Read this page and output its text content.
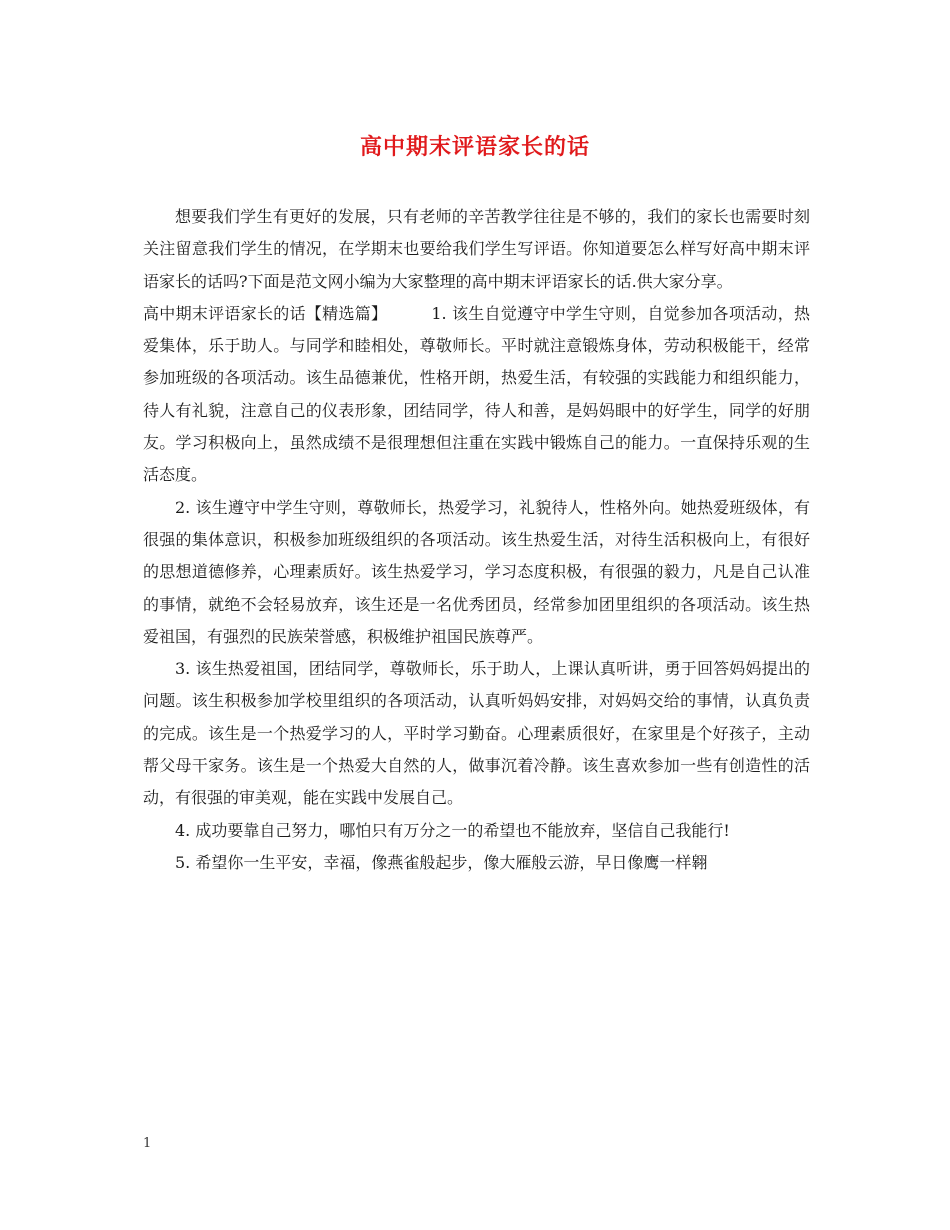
高中期末评语家长的话

想要我们学生有更好的发展，只有老师的辛苦教学往往是不够的，我们的家长也需要时刻关注留意我们学生的情况，在学期末也要给我们学生写评语。你知道要怎么样写好高中期末评语家长的话吗?下面是范文网小编为大家整理的高中期末评语家长的话.供大家分享。

高中期末评语家长的话【精选篇】	1. 该生自觉遵守中学生守则，自觉参加各项活动，热爱集体，乐于助人。与同学和睦相处，尊敬师长。平时就注意锻炼身体，劳动积极能干，经常参加班级的各项活动。该生品德兼优，性格开朗，热爱生活，有较强的实践能力和组织能力，待人有礼貌，注意自己的仪表形象，团结同学，待人和善，是妈妈眼中的好学生，同学的好朋友。学习积极向上，虽然成绩不是很理想但注重在实践中锻炼自己的能力。一直保持乐观的生活态度。

2. 该生遵守中学生守则，尊敬师长，热爱学习，礼貌待人，性格外向。她热爱班级体，有很强的集体意识，积极参加班级组织的各项活动。该生热爱生活，对待生活积极向上，有很好的思想道德修养，心理素质好。该生热爱学习，学习态度积极，有很强的毅力，凡是自己认准的事情，就绝不会轻易放弃，该生还是一名优秀团员，经常参加团里组织的各项活动。该生热爱祖国，有强烈的民族荣誉感，积极维护祖国民族尊严。

3. 该生热爱祖国，团结同学，尊敬师长，乐于助人，上课认真听讲，勇于回答妈妈提出的问题。该生积极参加学校里组织的各项活动，认真听妈妈安排，对妈妈交给的事情，认真负责的完成。该生是一个热爱学习的人，平时学习勤奋。心理素质很好，在家里是个好孩子，主动帮父母干家务。该生是一个热爱大自然的人，做事沉着冷静。该生喜欢参加一些有创造性的活动，有很强的审美观，能在实践中发展自己。

4. 成功要靠自己努力，哪怕只有万分之一的希望也不能放弃，坚信自己我能行!

5. 希望你一生平安，幸福，像燕雀般起步，像大雁般云游，早日像鹰一样翱

1
